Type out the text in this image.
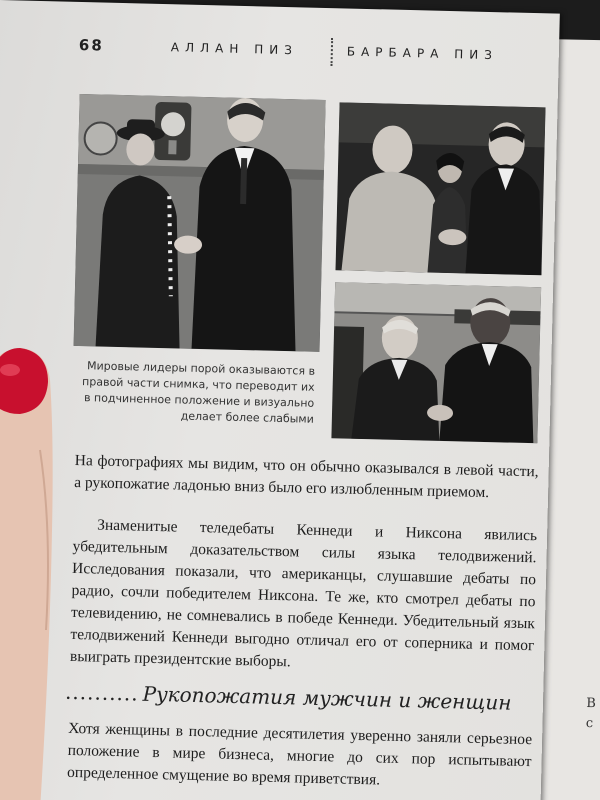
В
с
68	АЛЛАН ПИЗ	БАРБАРА ПИЗ
Мировые лидеры порой оказываются в правой части снимка, что переводит их в подчиненное положение и визуально делает более слабыми
На фотографиях мы видим, что он обычно оказывался в левой части, а рукопожатие ладонью вниз было его излюбленным приемом.
Знаменитые теледебаты Кеннеди и Никсона явились убедительным доказательством силы языка телодвижений. Исследования показали, что американцы, слушавшие дебаты по радио, сочли победителем Никсона. Те же, кто смотрел дебаты по телевидению, не сомневались в победе Кеннеди. Убедительный язык телодвижений Кеннеди выгодно отличал его от соперника и помог выиграть президентские выборы.
.......... Рукопожатия мужчин и женщин
Хотя женщины в последние десятилетия уверенно заняли серьезное положение в мире бизнеса, многие до сих пор испытывают определенное смущение во время приветствия.
